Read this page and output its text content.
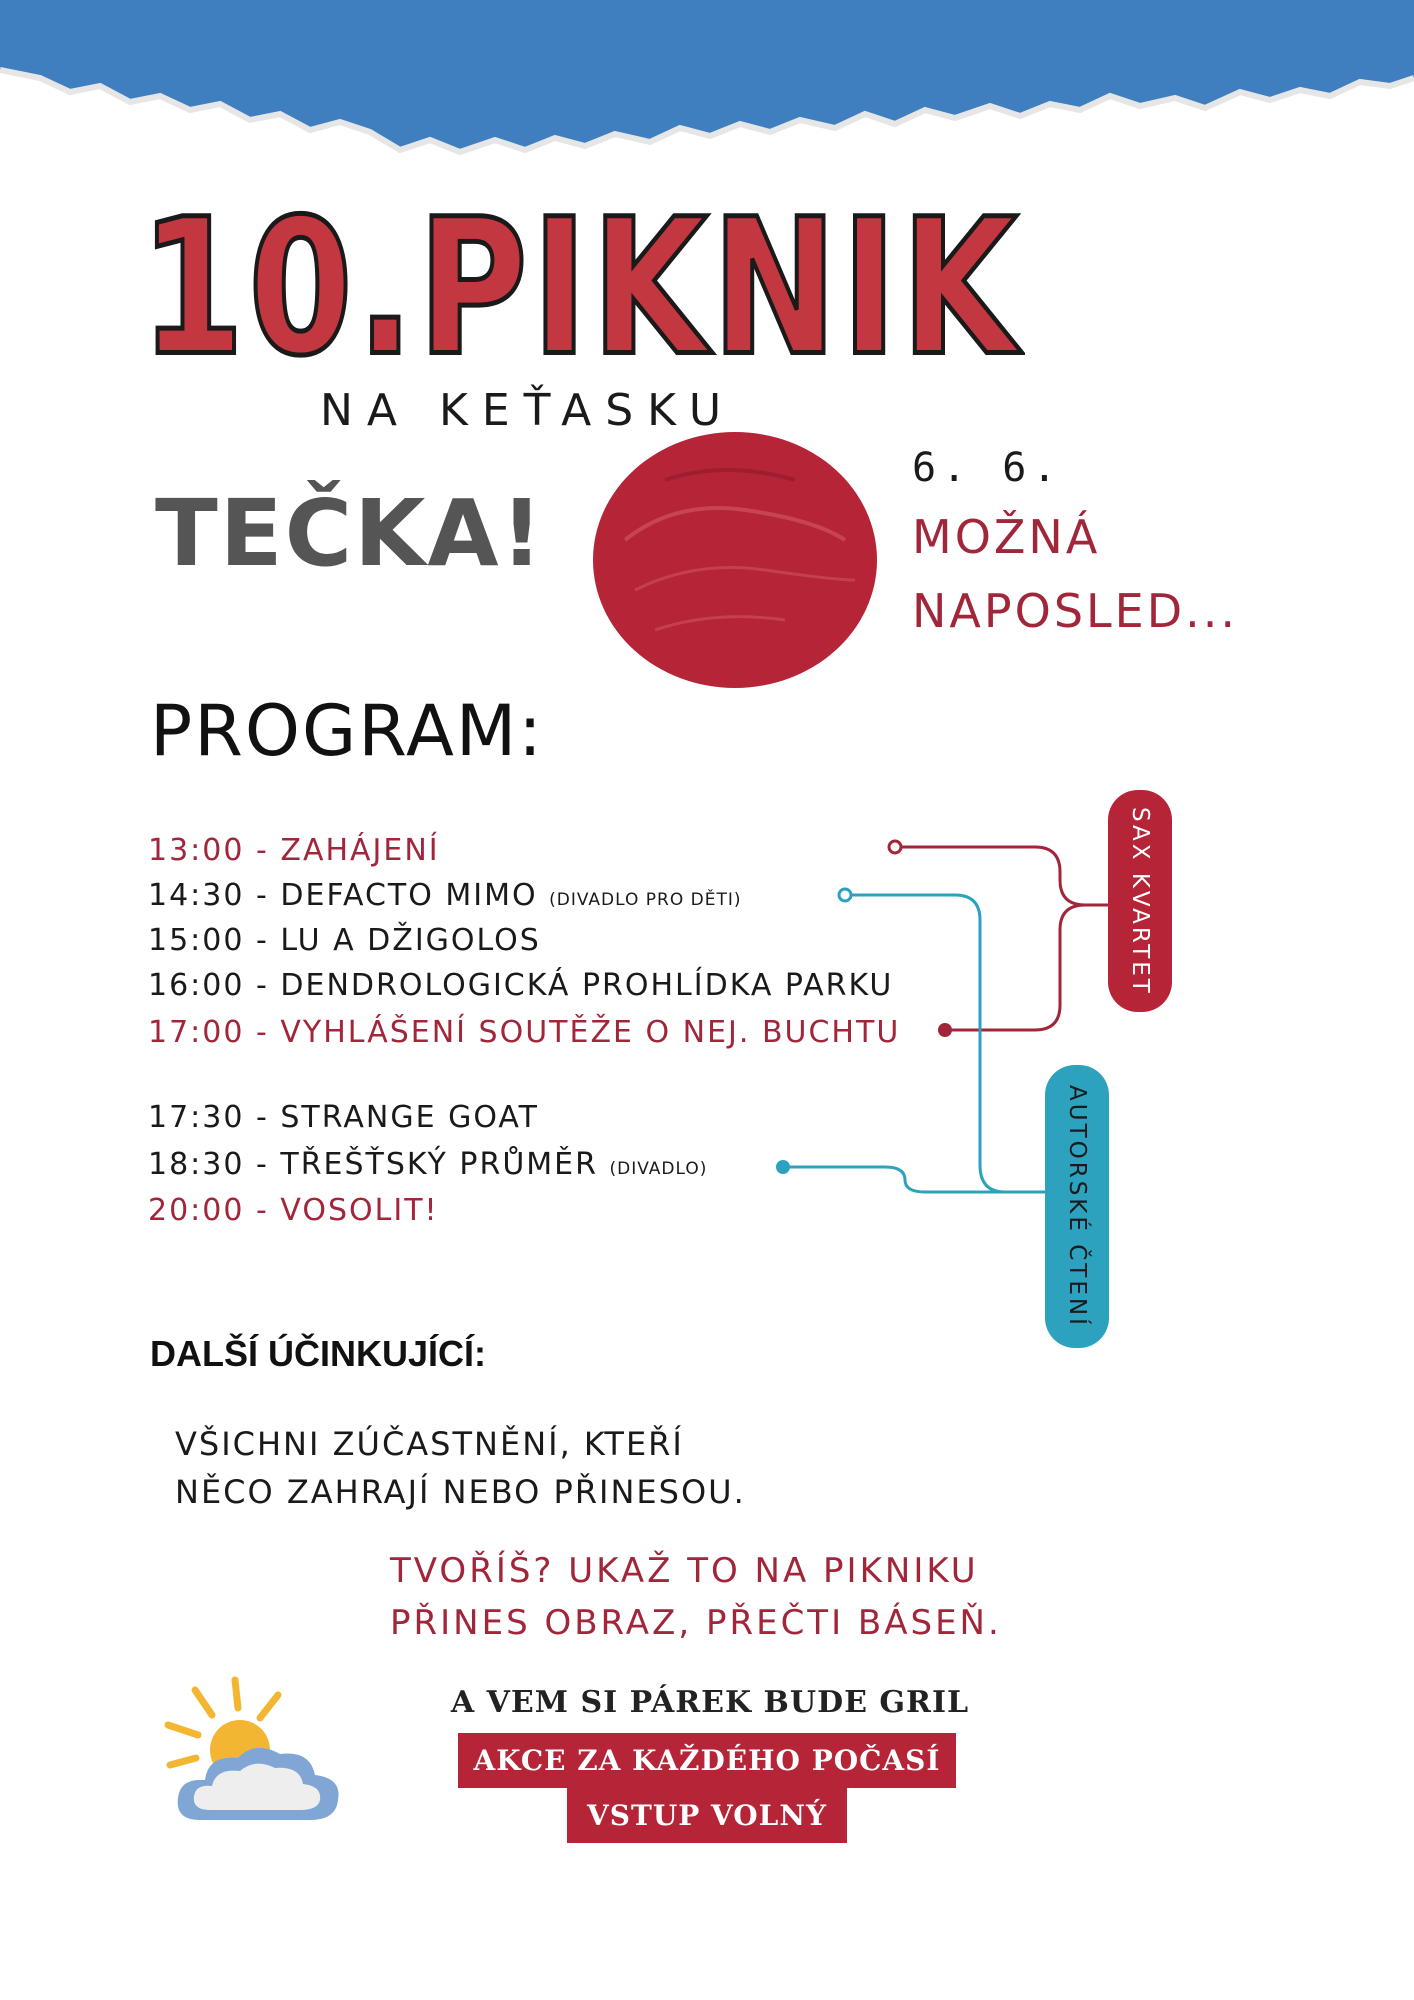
10.PIKNIK
NA KEŤASKU
TEČKA!
6. 6.
MOŽNÁ
NAPOSLED...
PROGRAM:
13:00 - ZAHÁJENÍ
14:30 - DEFACTO MIMO (DIVADLO PRO DĚTI)
15:00 - LU A DŽIGOLOS
16:00 - DENDROLOGICKÁ PROHLÍDKA PARKU
17:00 - VYHLÁŠENÍ SOUTĚŽE O NEJ. BUCHTU
17:30 - STRANGE GOAT
18:30 - TŘEŠŤSKÝ PRŮMĚR (DIVADLO)
20:00 - VOSOLIT!
SAX KVARTET
AUTORSKÉ ČTENÍ
DALŠÍ ÚČINKUJÍCÍ:
VŠICHNI ZÚČASTNĚNÍ, KTEŘÍ
NĚCO ZAHRAJÍ NEBO PŘINESOU.
TVOŘÍŠ? UKAŽ TO NA PIKNIKU
PŘINES OBRAZ, PŘEČTI BÁSEŇ.
A VEM SI PÁREK BUDE GRIL
AKCE ZA KAŽDÉHO POČASÍ
VSTUP VOLNÝ
